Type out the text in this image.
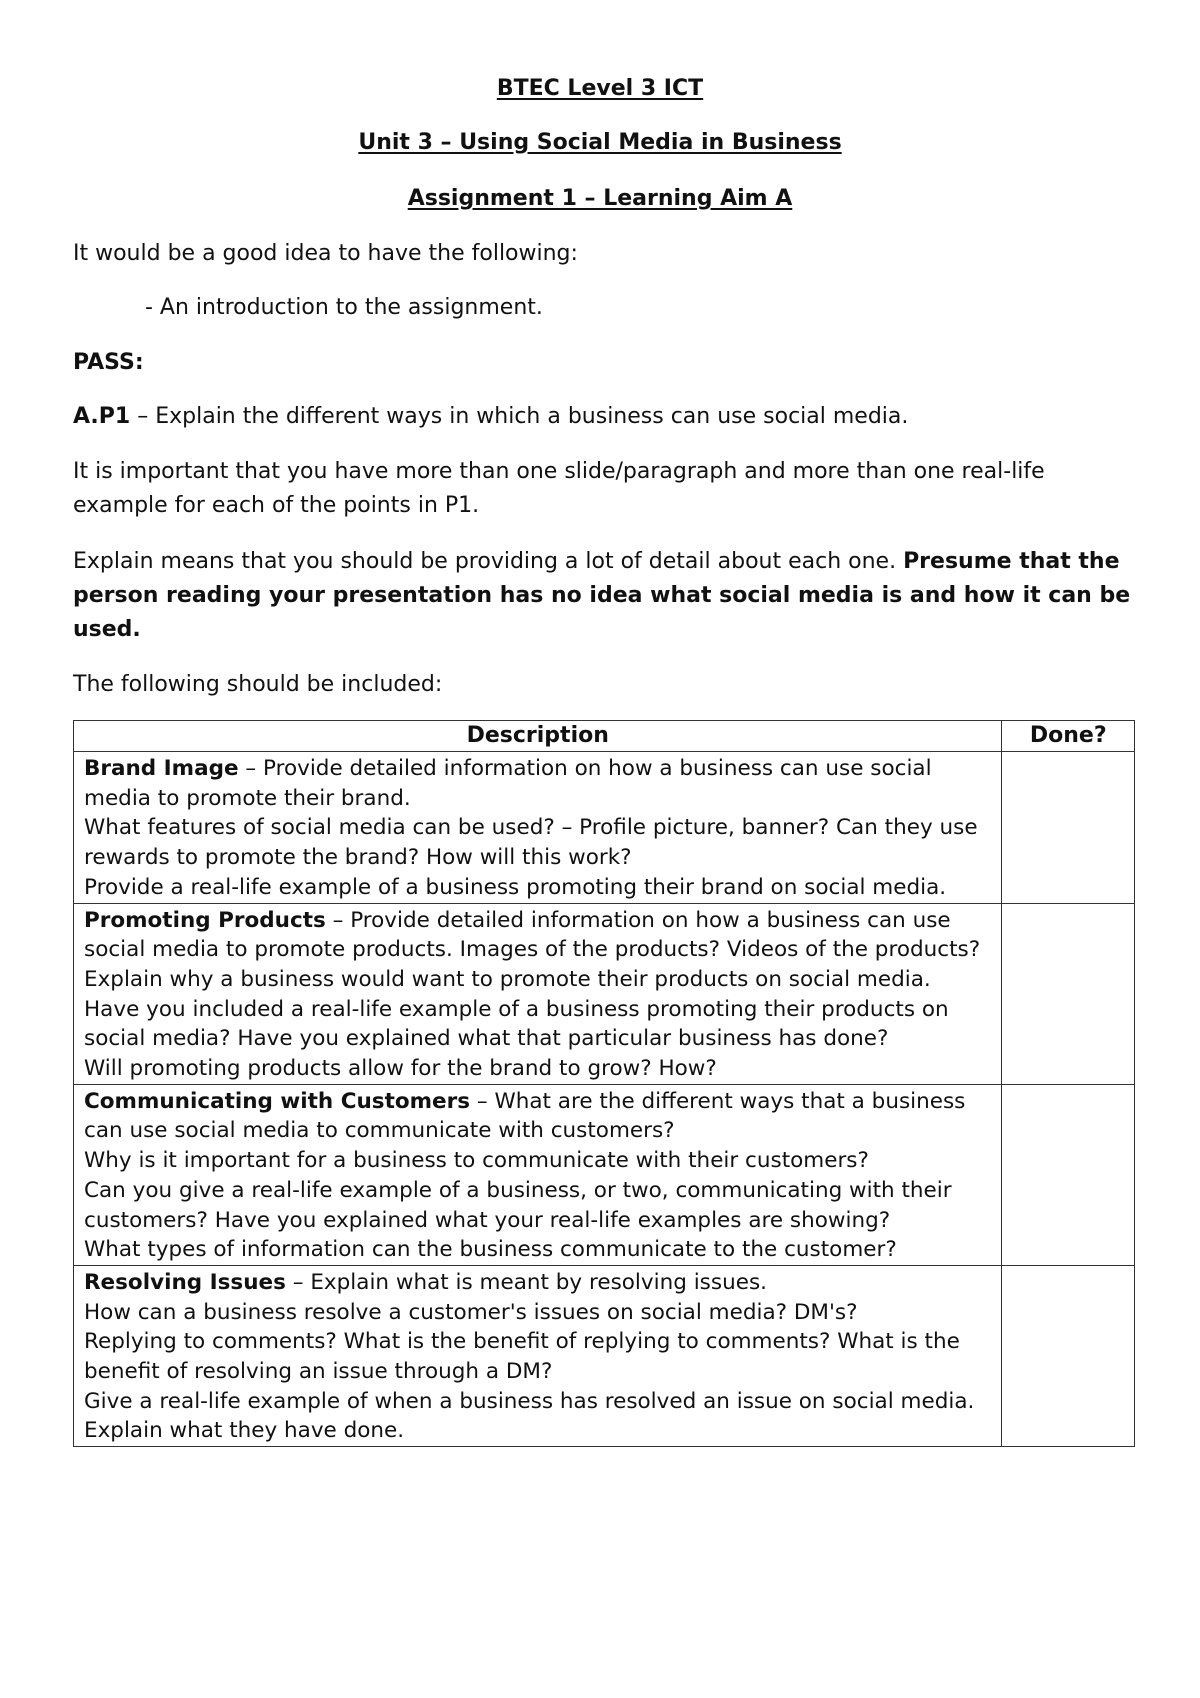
BTEC Level 3 ICT
Unit 3 – Using Social Media in Business
Assignment 1 – Learning Aim A

It would be a good idea to have the following:

- An introduction to the assignment.

PASS:

A.P1 – Explain the different ways in which a business can use social media.

It is important that you have more than one slide/paragraph and more than one real-life example for each of the points in P1.

Explain means that you should be providing a lot of detail about each one. Presume that the person reading your presentation has no idea what social media is and how it can be used.

The following should be included:

Description	Done?

Brand Image – Provide detailed information on how a business can use social media to promote their brand.
What features of social media can be used? – Profile picture, banner? Can they use rewards to promote the brand? How will this work?
Provide a real-life example of a business promoting their brand on social media.	

Promoting Products – Provide detailed information on how a business can use social media to promote products. Images of the products? Videos of the products?
Explain why a business would want to promote their products on social media.
Have you included a real-life example of a business promoting their products on social media? Have you explained what that particular business has done?
Will promoting products allow for the brand to grow? How?	

Communicating with Customers – What are the different ways that a business can use social media to communicate with customers?
Why is it important for a business to communicate with their customers?
Can you give a real-life example of a business, or two, communicating with their customers? Have you explained what your real-life examples are showing?
What types of information can the business communicate to the customer?	

Resolving Issues – Explain what is meant by resolving issues.
How can a business resolve a customer's issues on social media? DM's?
Replying to comments? What is the benefit of replying to comments? What is the benefit of resolving an issue through a DM?
Give a real-life example of when a business has resolved an issue on social media. Explain what they have done.	
